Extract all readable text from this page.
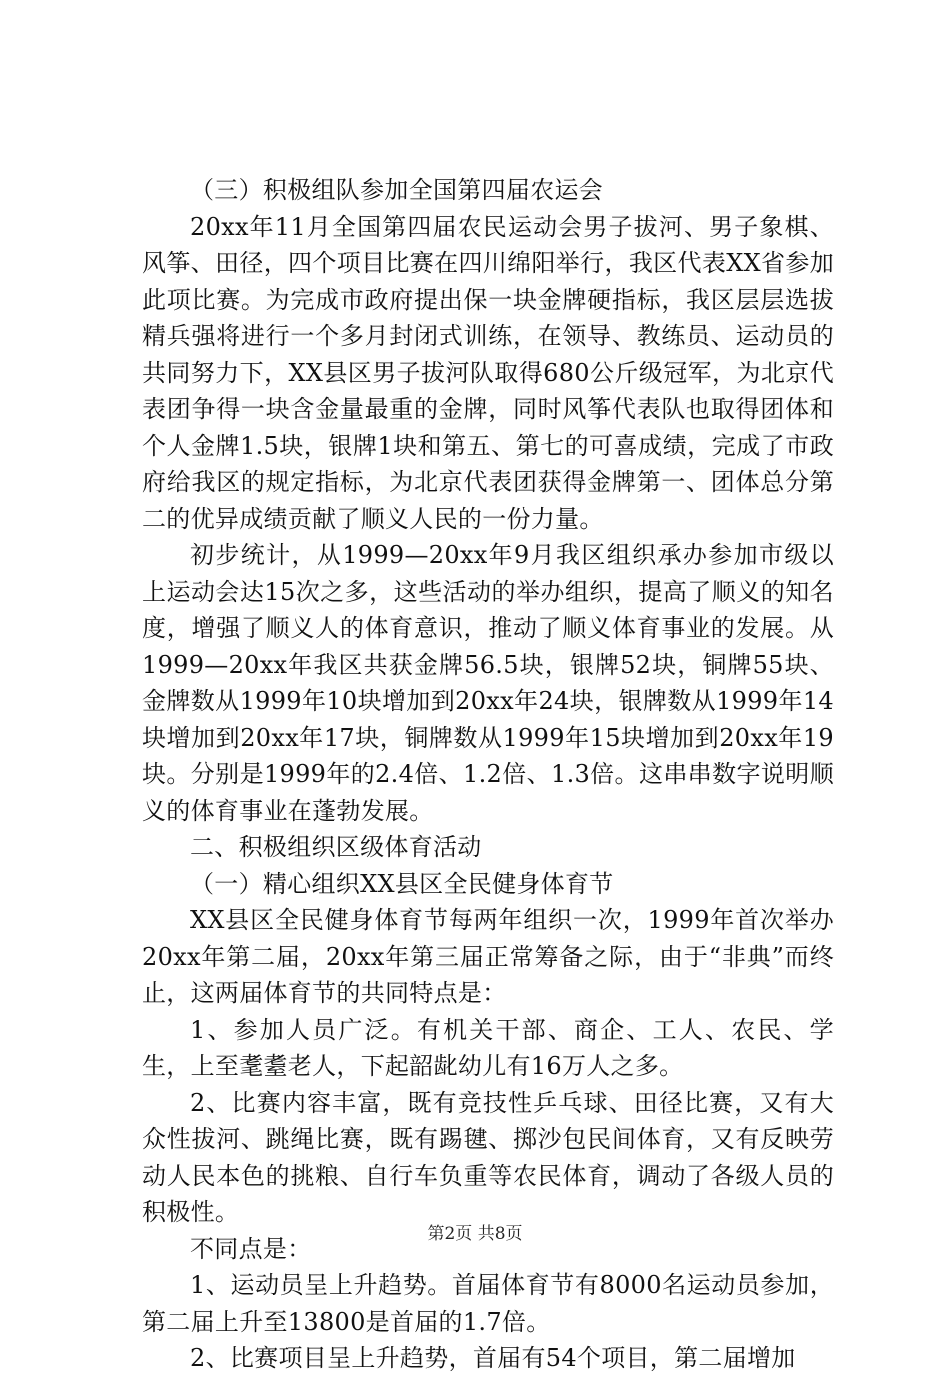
（三）积极组队参加全国第四届农运会

20xx年11月全国第四届农民运动会男子拔河、男子象棋、风筝、田径，四个项目比赛在四川绵阳举行，我区代表XX省参加此项比赛。为完成市政府提出保一块金牌硬指标，我区层层选拔精兵强将进行一个多月封闭式训练，在领导、教练员、运动员的共同努力下，XX县区男子拔河队取得680公斤级冠军，为北京代表团争得一块含金量最重的金牌，同时风筝代表队也取得团体和个人金牌1.5块，银牌1块和第五、第七的可喜成绩，完成了市政府给我区的规定指标，为北京代表团获得金牌第一、团体总分第二的优异成绩贡献了顺义人民的一份力量。

初步统计，从1999—20xx年9月我区组织承办参加市级以上运动会达15次之多，这些活动的举办组织，提高了顺义的知名度，增强了顺义人的体育意识，推动了顺义体育事业的发展。从1999—20xx年我区共获金牌56.5块，银牌52块，铜牌55块、金牌数从1999年10块增加到20xx年24块，银牌数从1999年14块增加到20xx年17块，铜牌数从1999年15块增加到20xx年19块。分别是1999年的2.4倍、1.2倍、1.3倍。这串串数字说明顺义的体育事业在蓬勃发展。

二、积极组织区级体育活动

（一）精心组织XX县区全民健身体育节

XX县区全民健身体育节每两年组织一次，1999年首次举办20xx年第二届，20xx年第三届正常筹备之际，由于“非典”而终止，这两届体育节的共同特点是：

1、参加人员广泛。有机关干部、商企、工人、农民、学生，上至耄耋老人，下起韶龀幼儿有16万人之多。

2、比赛内容丰富，既有竞技性乒乓球、田径比赛，又有大众性拔河、跳绳比赛，既有踢毽、掷沙包民间体育，又有反映劳动人民本色的挑粮、自行车负重等农民体育，调动了各级人员的积极性。

不同点是：

1、运动员呈上升趋势。首届体育节有8000名运动员参加，第二届上升至13800是首届的1.7倍。

2、比赛项目呈上升趋势，首届有54个项目，第二届增加

第2页 共8页
